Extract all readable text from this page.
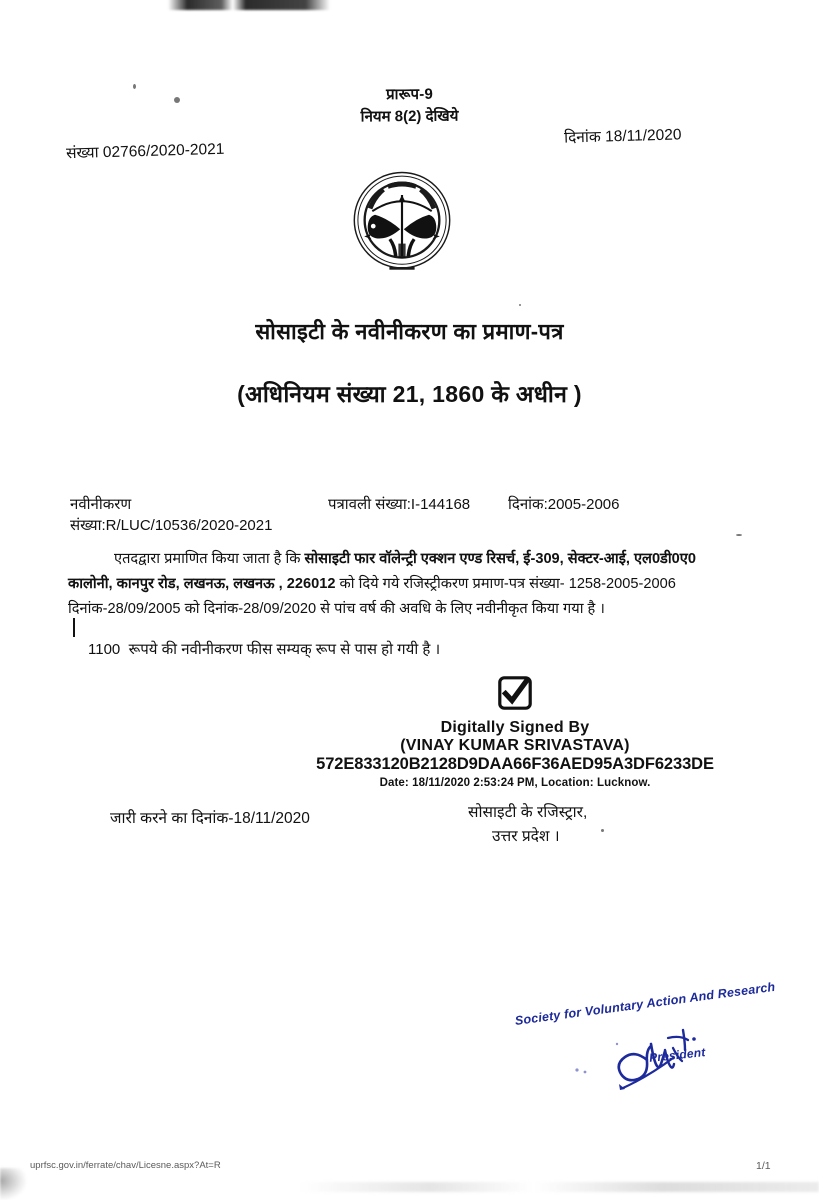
प्रारूप-9
नियम 8(2) देखिये
संख्या 02766/2020-2021
दिनांक 18/11/2020
सोसाइटी के नवीनीकरण का प्रमाण-पत्र
(अधिनियम संख्या 21, 1860 के अधीन )
नवीनीकरण
संख्या:R/LUC/10536/2020-2021
पत्रावली संख्या:I-144168	दिनांक:2005-2006

एतदद्वारा प्रमाणित किया जाता है कि सोसाइटी फार वॉलेन्ट्री एक्शन एण्ड रिसर्च, ई-309, सेक्टर-आई, एल0डी0ए0 कालोनी, कानपुर रोड, लखनऊ, लखनऊ , 226012 को दिये गये रजिस्ट्रीकरण प्रमाण-पत्र संख्या- 1258-2005-2006 दिनांक-28/09/2005 को दिनांक-28/09/2020 से पांच वर्ष की अवधि के लिए नवीनीकृत किया गया है ।

1100  रूपये की नवीनीकरण फीस सम्यक् रूप से पास हो गयी है ।
Digitally Signed By
(VINAY KUMAR SRIVASTAVA)
572E833120B2128D9DAA66F36AED95A3DF6233DE
Date: 18/11/2020 2:53:24 PM, Location: Lucknow.
जारी करने का दिनांक-18/11/2020	सोसाइटी के रजिस्ट्रार,
उत्तर प्रदेश ।
Society for Voluntary Action And Research
President
uprfsc.gov.in/ferrate/chav/Licesne.aspx?At=R	1/1
